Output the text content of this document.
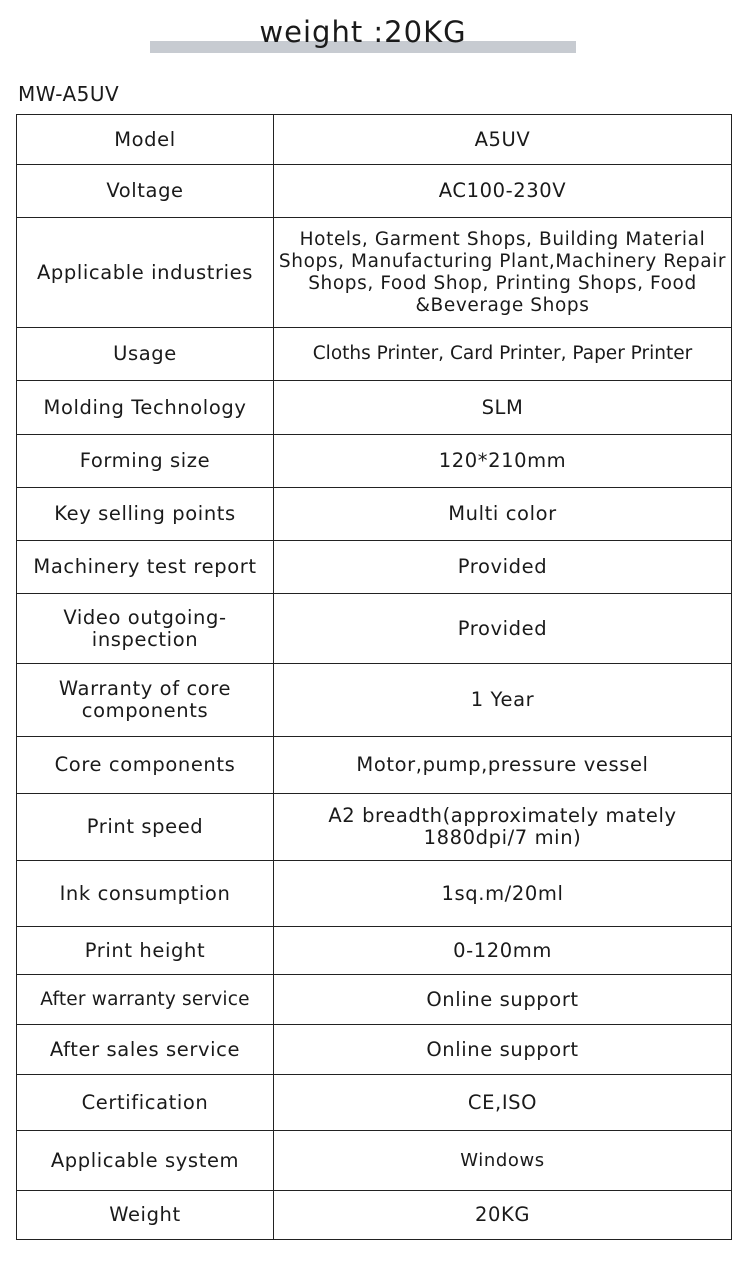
weight :20KG
MW-A5UV
Model	A5UV
Voltage	AC100-230V
Applicable industries	Hotels, Garment Shops, Building Material Shops, Manufacturing Plant,Machinery Repair Shops, Food Shop, Printing Shops, Food &Beverage Shops
Usage	Cloths Printer, Card Printer, Paper Printer
Molding Technology	SLM
Forming size	120*210mm
Key selling points	Multi color
Machinery test report	Provided
Video outgoing-inspection	Provided
Warranty of core components	1 Year
Core components	Motor,pump,pressure vessel
Print speed	A2 breadth(approximately mately 1880dpi/7 min)
Ink consumption	1sq.m/20ml
Print height	0-120mm
After warranty service	Online support
After sales service	Online support
Certification	CE,ISO
Applicable system	Windows
Weight	20KG
